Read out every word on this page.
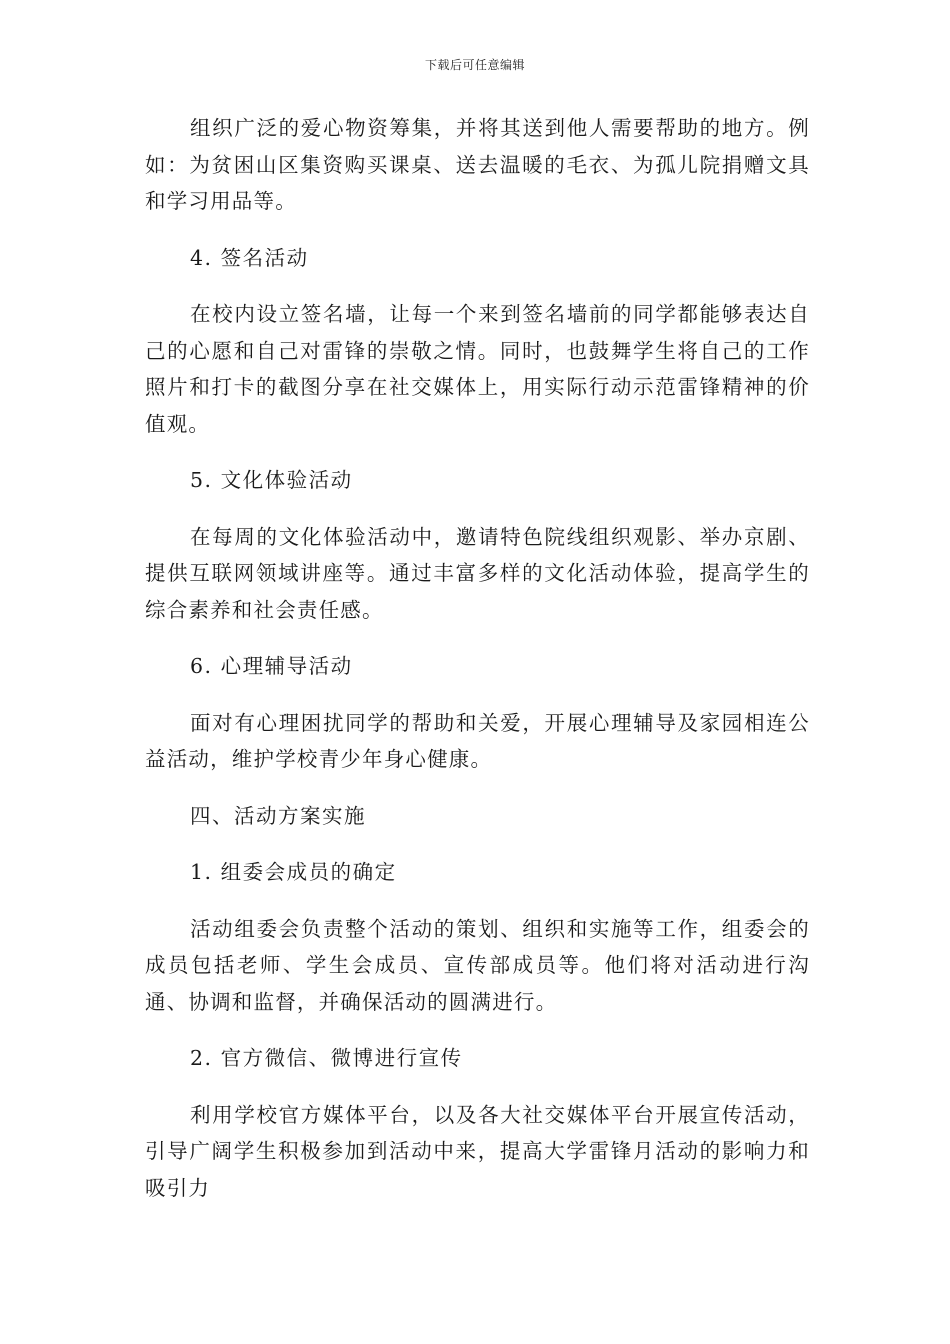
下载后可任意编辑

组织广泛的爱心物资筹集，并将其送到他人需要帮助的地方。例如：为贫困山区集资购买课桌、送去温暖的毛衣、为孤儿院捐赠文具和学习用品等。

4. 签名活动

在校内设立签名墙，让每一个来到签名墙前的同学都能够表达自己的心愿和自己对雷锋的崇敬之情。同时，也鼓舞学生将自己的工作照片和打卡的截图分享在社交媒体上，用实际行动示范雷锋精神的价值观。

5. 文化体验活动

在每周的文化体验活动中，邀请特色院线组织观影、举办京剧、提供互联网领域讲座等。通过丰富多样的文化活动体验，提高学生的综合素养和社会责任感。

6. 心理辅导活动

面对有心理困扰同学的帮助和关爱，开展心理辅导及家园相连公益活动，维护学校青少年身心健康。

四、活动方案实施

1. 组委会成员的确定

活动组委会负责整个活动的策划、组织和实施等工作，组委会的成员包括老师、学生会成员、宣传部成员等。他们将对活动进行沟通、协调和监督，并确保活动的圆满进行。

2. 官方微信、微博进行宣传

利用学校官方媒体平台，以及各大社交媒体平台开展宣传活动，引导广阔学生积极参加到活动中来，提高大学雷锋月活动的影响力和吸引力
